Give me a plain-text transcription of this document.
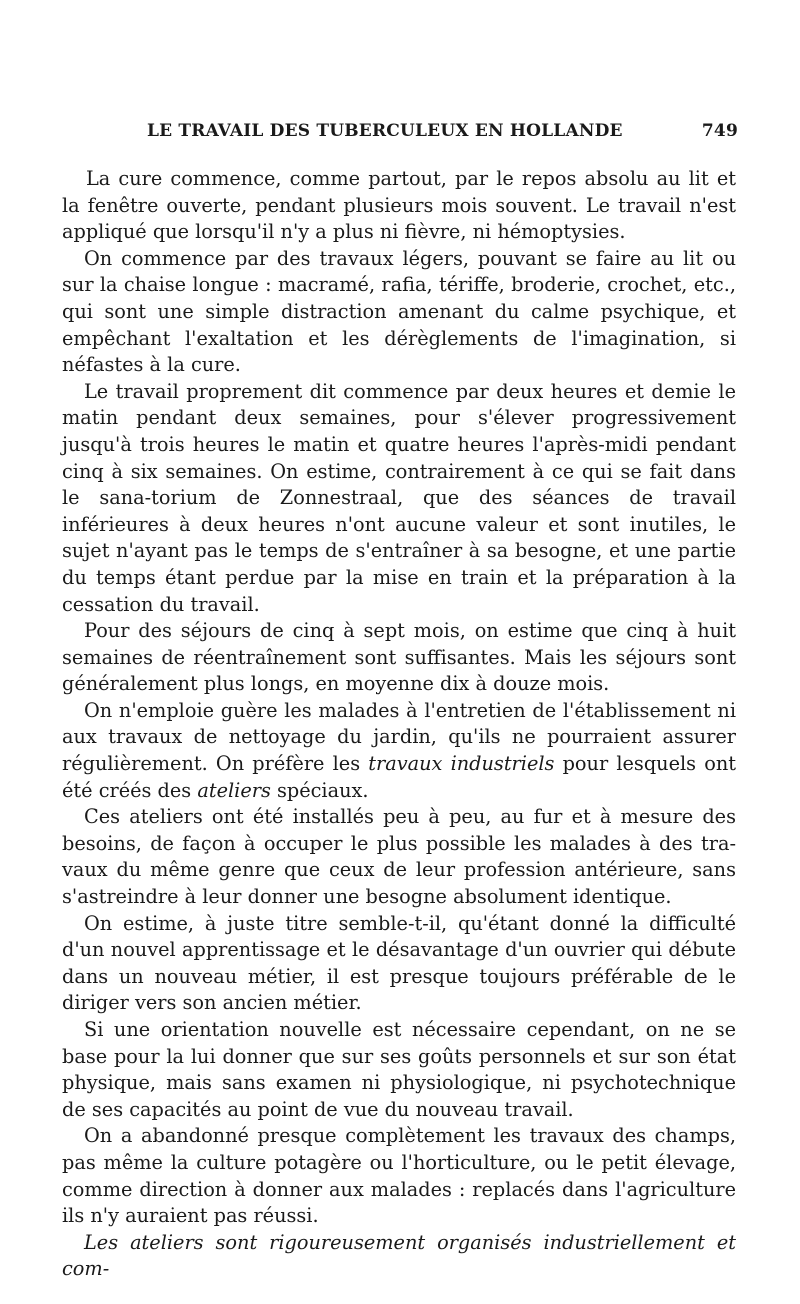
LE TRAVAIL DES TUBERCULEUX EN HOLLANDE	749

La cure commence, comme partout, par le repos absolu au lit et la fenêtre ouverte, pendant plusieurs mois souvent. Le travail n'est appliqué que lorsqu'il n'y a plus ni fièvre, ni hémoptysies.

On commence par des travaux légers, pouvant se faire au lit ou sur la chaise longue : macramé, rafia, tériffe, broderie, crochet, etc., qui sont une simple distraction amenant du calme psychique, et empêchant l'exaltation et les dérèglements de l'imagination, si néfastes à la cure.

Le travail proprement dit commence par deux heures et demie le matin pendant deux semaines, pour s'élever progressivement jusqu'à trois heures le matin et quatre heures l'après-midi pendant cinq à six semaines. On estime, contrairement à ce qui se fait dans le sana-torium de Zonnestraal, que des séances de travail inférieures à deux heures n'ont aucune valeur et sont inutiles, le sujet n'ayant pas le temps de s'entraîner à sa besogne, et une partie du temps étant perdue par la mise en train et la préparation à la cessation du travail.

Pour des séjours de cinq à sept mois, on estime que cinq à huit semaines de réentraînement sont suffisantes. Mais les séjours sont généralement plus longs, en moyenne dix à douze mois.

On n'emploie guère les malades à l'entretien de l'établissement ni aux travaux de nettoyage du jardin, qu'ils ne pourraient assurer régulièrement. On préfère les travaux industriels pour lesquels ont été créés des ateliers spéciaux.

Ces ateliers ont été installés peu à peu, au fur et à mesure des besoins, de façon à occuper le plus possible les malades à des tra-vaux du même genre que ceux de leur profession antérieure, sans s'astreindre à leur donner une besogne absolument identique.

On estime, à juste titre semble-t-il, qu'étant donné la difficulté d'un nouvel apprentissage et le désavantage d'un ouvrier qui débute dans un nouveau métier, il est presque toujours préférable de le diriger vers son ancien métier.

Si une orientation nouvelle est nécessaire cependant, on ne se base pour la lui donner que sur ses goûts personnels et sur son état physique, mais sans examen ni physiologique, ni psychotechnique de ses capacités au point de vue du nouveau travail.

On a abandonné presque complètement les travaux des champs, pas même la culture potagère ou l'horticulture, ou le petit élevage, comme direction à donner aux malades : replacés dans l'agriculture ils n'y auraient pas réussi.

Les ateliers sont rigoureusement organisés industriellement et com-
